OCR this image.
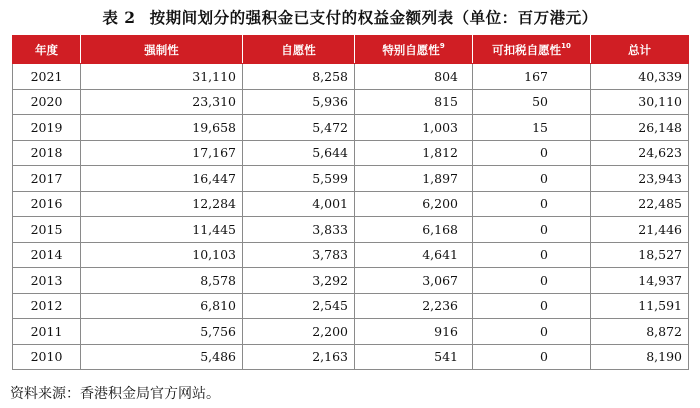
表 2 按期间划分的强积金已支付的权益金额列表（单位：百万港元）
年度	强制性	自愿性	特别自愿性$^9$	可扣税自愿性$^{10}$	总计
2021	31,110	8,258	804	167	40,339
2020	23,310	5,936	815	50	30,110
2019	19,658	5,472	1,003	15	26,148
2018	17,167	5,644	1,812	0	24,623
2017	16,447	5,599	1,897	0	23,943
2016	12,284	4,001	6,200	0	22,485
2015	11,445	3,833	6,168	0	21,446
2014	10,103	3,783	4,641	0	18,527
2013	8,578	3,292	3,067	0	14,937
2012	6,810	2,545	2,236	0	11,591
2011	5,756	2,200	916	0	8,872
2010	5,486	2,163	541	0	8,190
资料来源：香港积金局官方网站。
